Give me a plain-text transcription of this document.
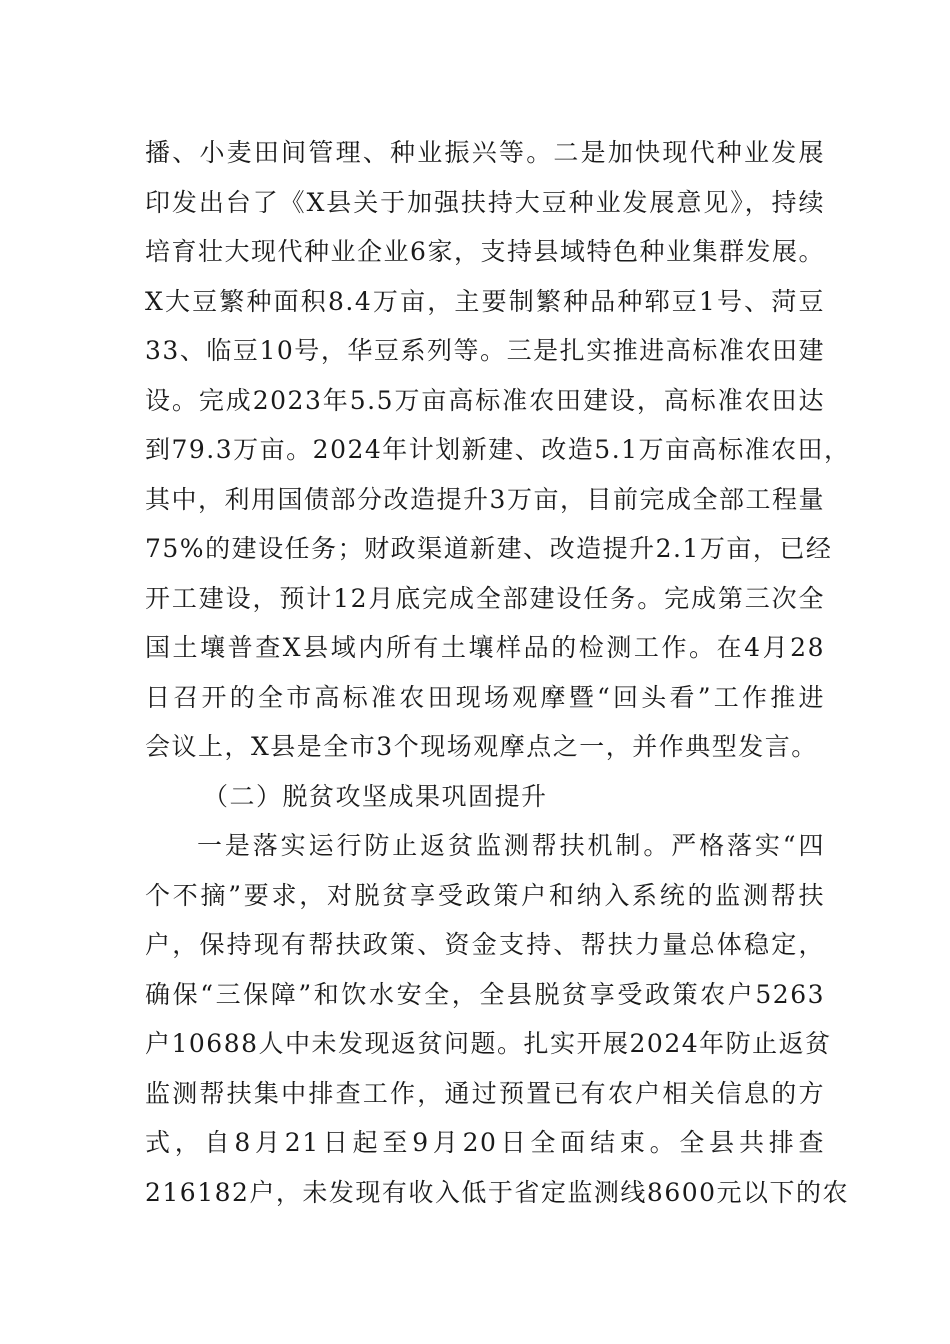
播、小麦田间管理、种业振兴等。二是加快现代种业发展
印发出台了《X县关于加强扶持大豆种业发展意见》，持续
培育壮大现代种业企业6家，支持县域特色种业集群发展。
X大豆繁种面积8.4万亩，主要制繁种品种郓豆1号、菏豆
33、临豆10号，华豆系列等。三是扎实推进高标准农田建
设。完成2023年5.5万亩高标准农田建设，高标准农田达
到79.3万亩。2024年计划新建、改造5.1万亩高标准农田，
其中，利用国债部分改造提升3万亩，目前完成全部工程量
75%的建设任务；财政渠道新建、改造提升2.1万亩，已经
开工建设，预计12月底完成全部建设任务。完成第三次全
国土壤普查X县域内所有土壤样品的检测工作。在4月28
日召开的全市高标准农田现场观摩暨“回头看”工作推进
会议上，X县是全市3个现场观摩点之一，并作典型发言。
（二）脱贫攻坚成果巩固提升
一是落实运行防止返贫监测帮扶机制。严格落实“四
个不摘”要求，对脱贫享受政策户和纳入系统的监测帮扶
户，保持现有帮扶政策、资金支持、帮扶力量总体稳定，
确保“三保障”和饮水安全，全县脱贫享受政策农户5263
户10688人中未发现返贫问题。扎实开展2024年防止返贫
监测帮扶集中排查工作，通过预置已有农户相关信息的方
式，自8月21日起至9月20日全面结束。全县共排查
216182户，未发现有收入低于省定监测线8600元以下的农
